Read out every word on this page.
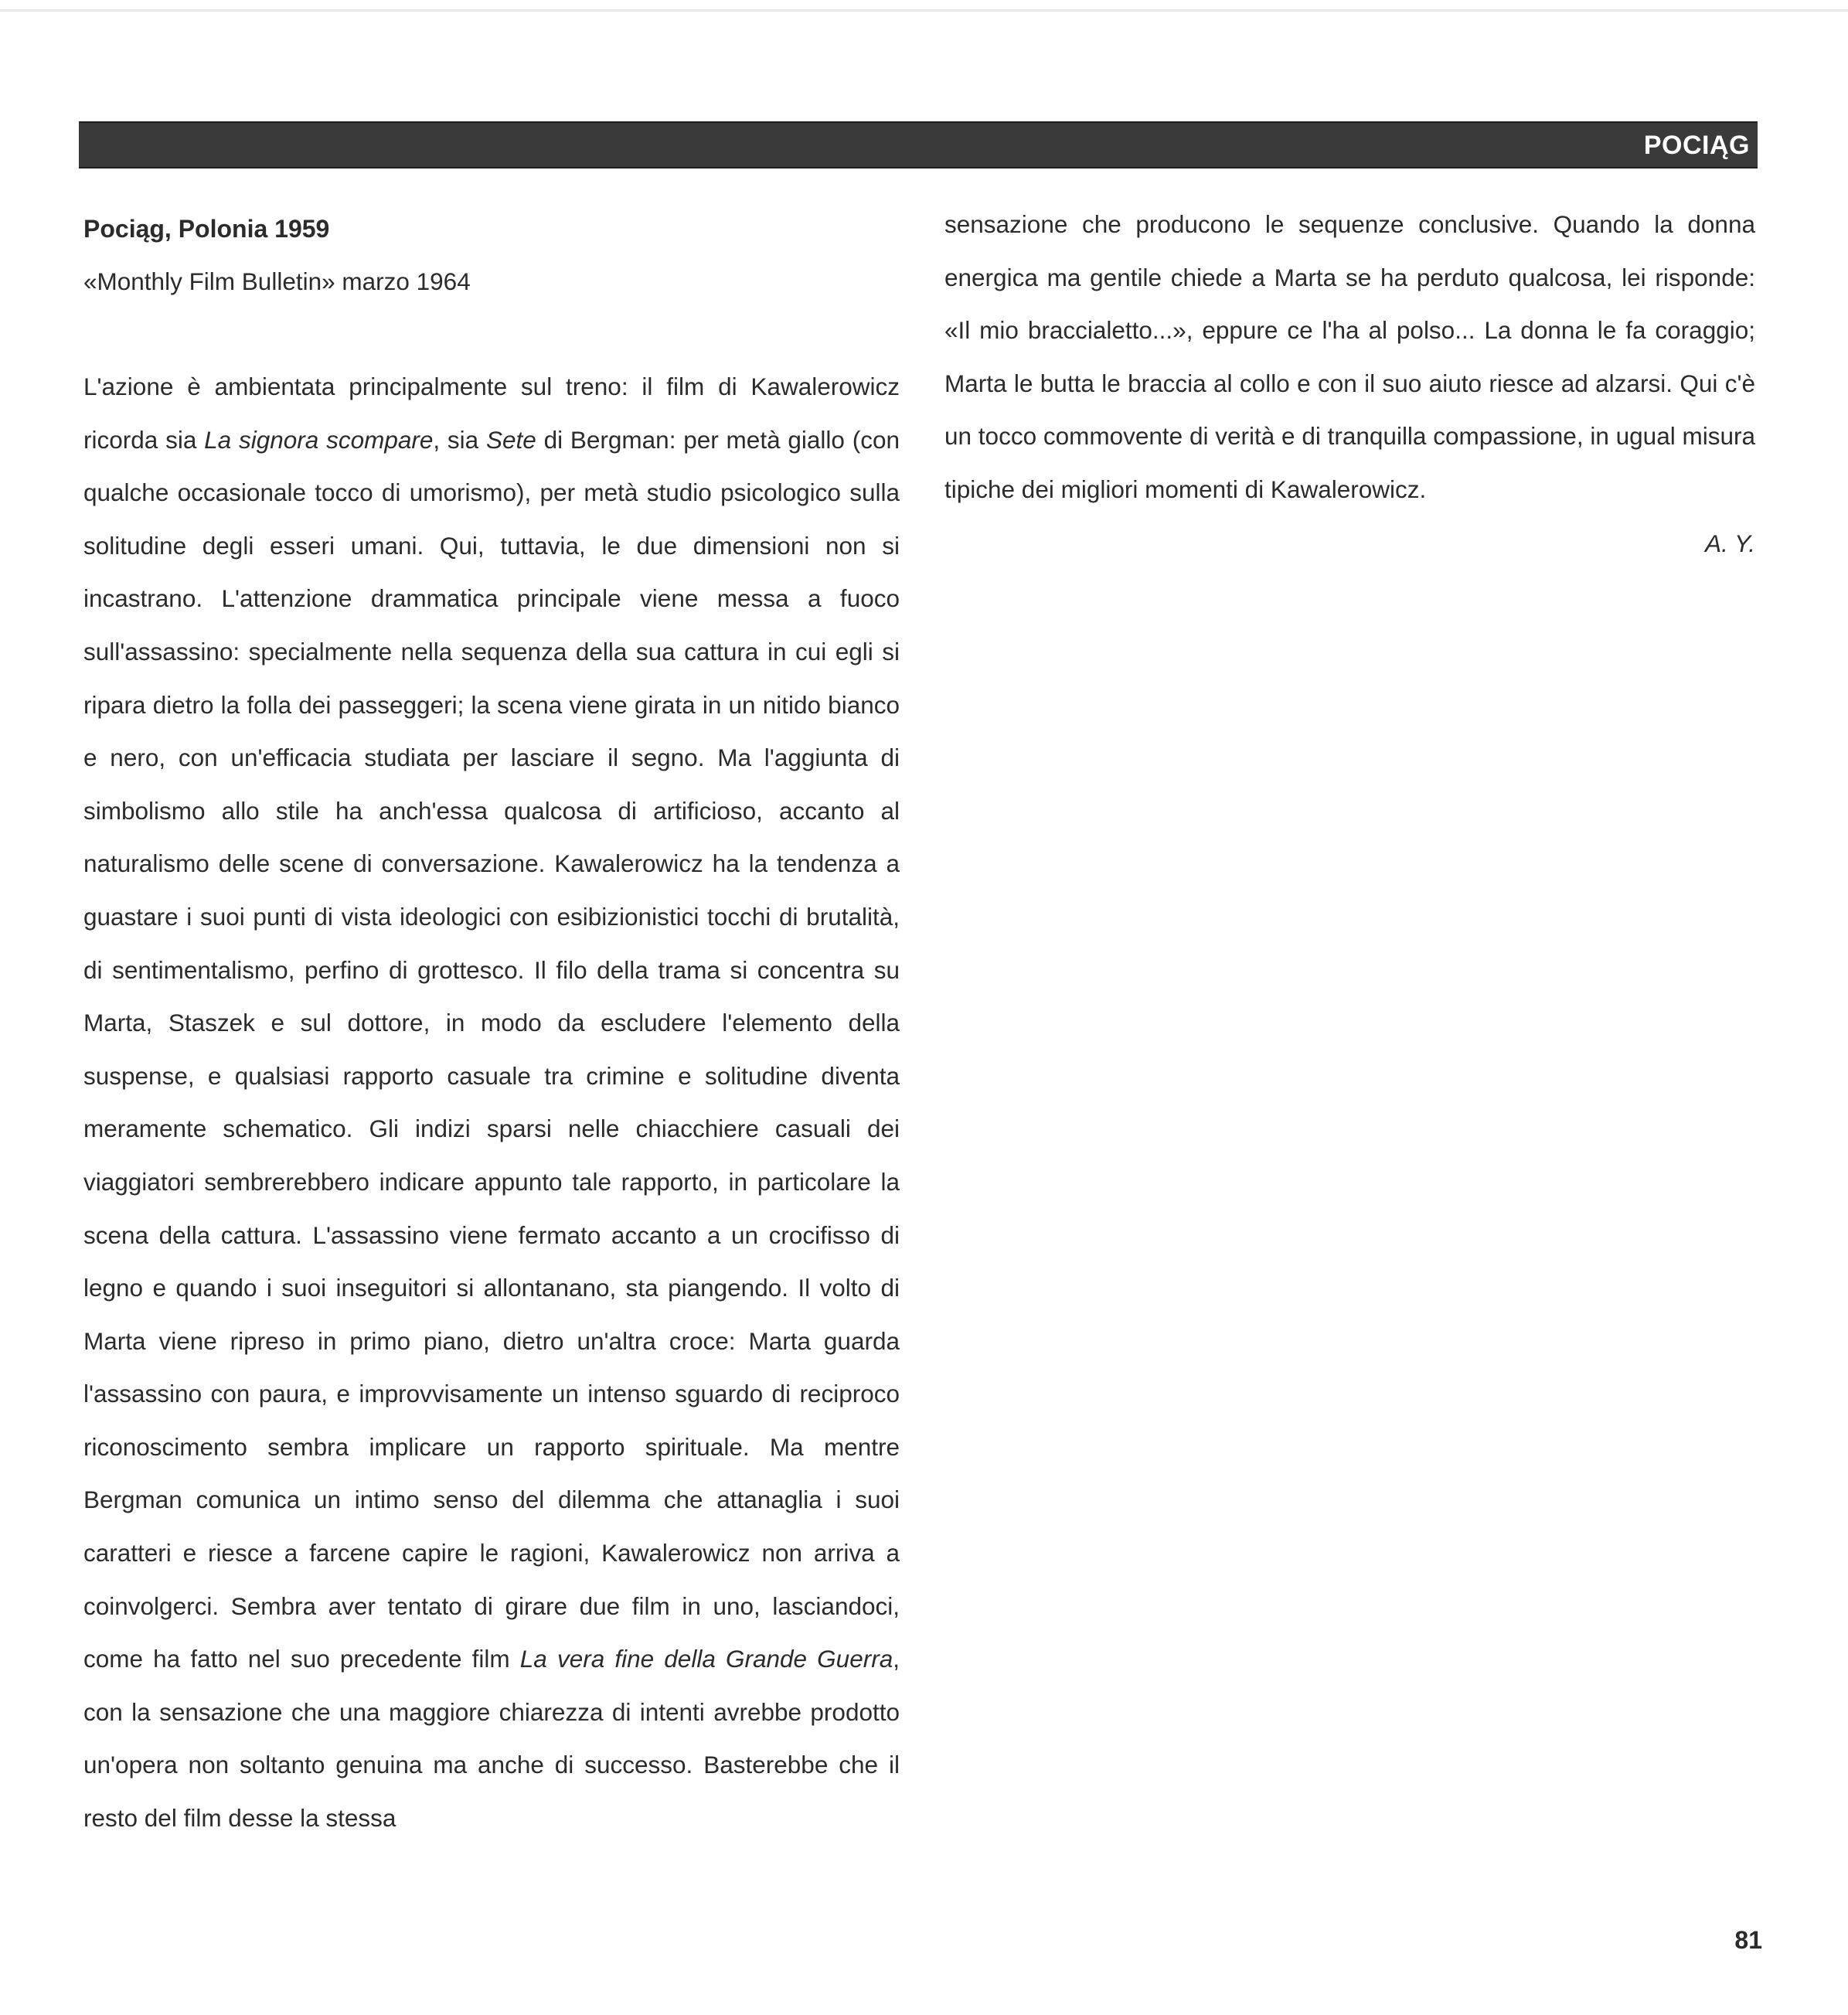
POCIĄG

Pociąg, Polonia 1959

«Monthly Film Bulletin» marzo 1964

L'azione è ambientata principalmente sul treno: il film di Kawalerowicz ricorda sia La signora scompare, sia Sete di Bergman: per metà giallo (con qualche occasionale tocco di umorismo), per metà studio psicologico sulla solitudine degli esseri umani. Qui, tuttavia, le due dimensioni non si incastrano. L'attenzione drammatica principale viene messa a fuoco sull'assassino: specialmente nella sequenza della sua cattura in cui egli si ripara dietro la folla dei passeggeri; la scena viene girata in un nitido bianco e nero, con un'efficacia studiata per lasciare il segno. Ma l'aggiunta di simbolismo allo stile ha anch'essa qualcosa di artificioso, accanto al naturalismo delle scene di conversazione. Kawalerowicz ha la tendenza a guastare i suoi punti di vista ideologici con esibizionistici tocchi di brutalità, di sentimentalismo, perfino di grottesco. Il filo della trama si concentra su Marta, Staszek e sul dottore, in modo da escludere l'elemento della suspense, e qualsiasi rapporto casuale tra crimine e solitudine diventa meramente schematico. Gli indizi sparsi nelle chiacchiere casuali dei viaggiatori sembrerebbero indicare appunto tale rapporto, in particolare la scena della cattura. L'assassino viene fermato accanto a un crocifisso di legno e quando i suoi inseguitori si allontanano, sta piangendo. Il volto di Marta viene ripreso in primo piano, dietro un'altra croce: Marta guarda l'assassino con paura, e improvvisamente un intenso sguardo di reciproco riconoscimento sembra implicare un rapporto spirituale. Ma mentre Bergman comunica un intimo senso del dilemma che attanaglia i suoi caratteri e riesce a farcene capire le ragioni, Kawalerowicz non arriva a coinvolgerci. Sembra aver tentato di girare due film in uno, lasciandoci, come ha fatto nel suo precedente film La vera fine della Grande Guerra, con la sensazione che una maggiore chiarezza di intenti avrebbe prodotto un'opera non soltanto genuina ma anche di successo. Basterebbe che il resto del film desse la stessa

sensazione che producono le sequenze conclusive. Quando la donna energica ma gentile chiede a Marta se ha perduto qualcosa, lei risponde: «Il mio braccialetto...», eppure ce l'ha al polso... La donna le fa coraggio; Marta le butta le braccia al collo e con il suo aiuto riesce ad alzarsi. Qui c'è un tocco commovente di verità e di tranquilla compassione, in ugual misura tipiche dei migliori momenti di Kawalerowicz.

A. Y.

81
